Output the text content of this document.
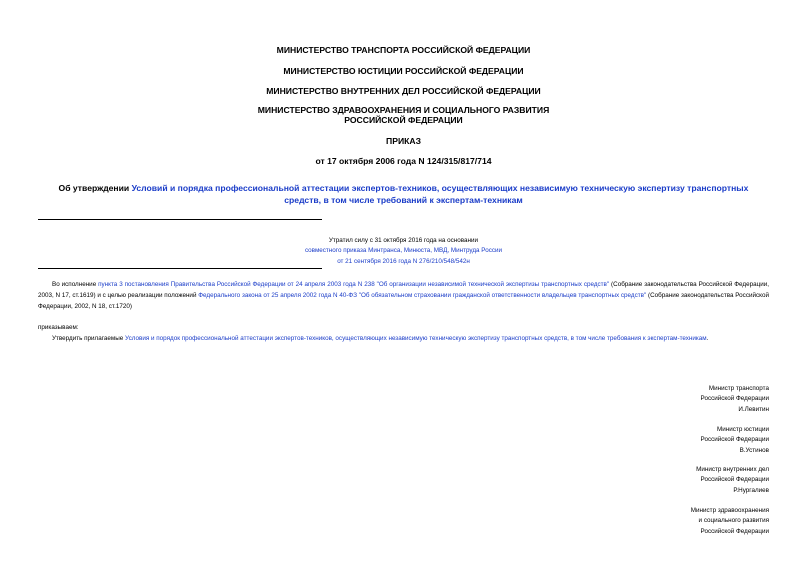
МИНИСТЕРСТВО ТРАНСПОРТА РОССИЙСКОЙ ФЕДЕРАЦИИ
МИНИСТЕРСТВО ЮСТИЦИИ РОССИЙСКОЙ ФЕДЕРАЦИИ
МИНИСТЕРСТВО ВНУТРЕННИХ ДЕЛ РОССИЙСКОЙ ФЕДЕРАЦИИ
МИНИСТЕРСТВО ЗДРАВООХРАНЕНИЯ И СОЦИАЛЬНОГО РАЗВИТИЯ
РОССИЙСКОЙ ФЕДЕРАЦИИ
ПРИКАЗ
от 17 октября 2006 года N 124/315/817/714
Об утверждении Условий и порядка профессиональной аттестации экспертов-техников, осуществляющих независимую техническую экспертизу транспортных средств, в том числе требований к экспертам-техникам
Утратил силу с 31 октября 2016 года на основании
совместного приказа Минтранса, Минюста, МВД, Минтруда России
от 21 сентября 2016 года N 276/210/548/542н
Во исполнение пункта 3 постановления Правительства Российской Федерации от 24 апреля 2003 года N 238 "Об организации независимой технической экспертизы транспортных средств" (Собрание законодательства Российской Федерации, 2003, N 17, ст.1619) и с целью реализации положений Федерального закона от 25 апреля 2002 года N 40-ФЗ "Об обязательном страховании гражданской ответственности владельцев транспортных средств" (Собрание законодательства Российской Федерации, 2002, N 18, ст.1720)
приказываем:
Утвердить прилагаемые Условия и порядок профессиональной аттестации экспертов-техников, осуществляющих независимую техническую экспертизу транспортных средств, в том числе требования к экспертам-техникам.
Министр транспорта
Российской Федерации
И.Левитин
Министр юстиции
Российской Федерации
В.Устинов
Министр внутренних дел
Российской Федерации
Р.Нургалиев
Министр здравоохранения
и социального развития
Российской Федерации
